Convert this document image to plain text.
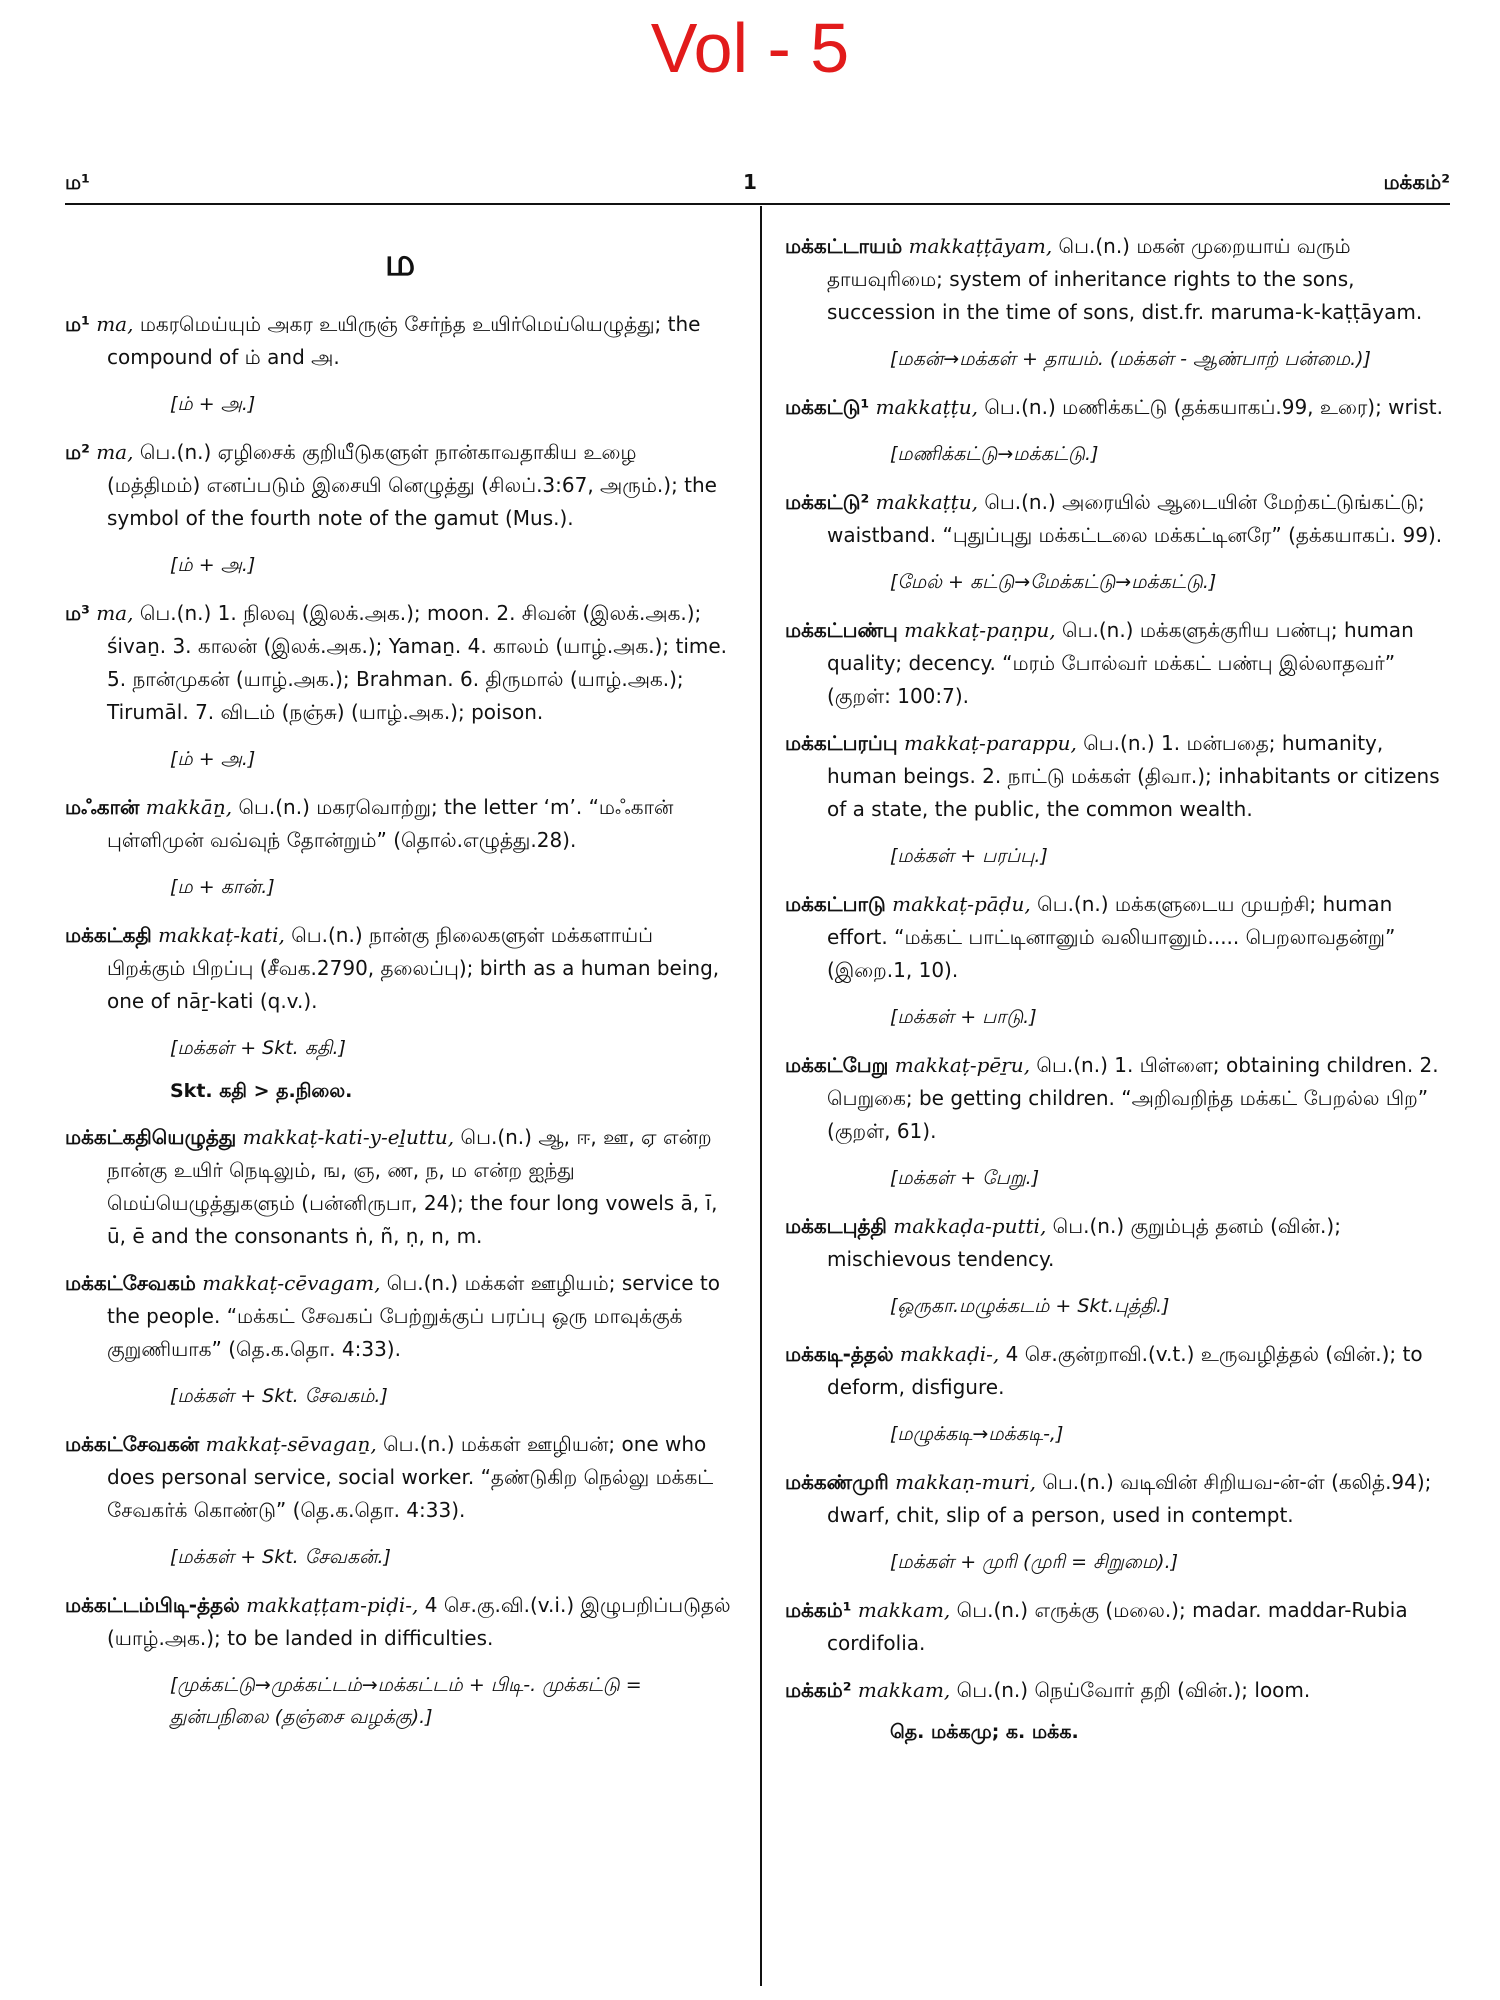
Vol - 5
ம¹	1	மக்கம்²
ம
ம¹ ma, மகரமெய்யும் அகர உயிருஞ் சேர்ந்த உயிர்மெய்யெழுத்து; the compound of ம் and அ.
[ம் + அ.]
ம² ma, பெ.(n.) ஏழிசைக் குறியீடுகளுள் நான்காவதாகிய உழை (மத்திமம்) எனப்படும் இசையி னெழுத்து (சிலப்.3:67, அரும்.); the symbol of the fourth note of the gamut (Mus.).
[ம் + அ.]
ம³ ma, பெ.(n.) 1. நிலவு (இலக்.அக.); moon. 2. சிவன் (இலக்.அக.); śivaṉ. 3. காலன் (இலக்.அக.); Yamaṉ. 4. காலம் (யாழ்.அக.); time. 5. நான்முகன் (யாழ்.அக.); Brahman. 6. திருமால் (யாழ்.அக.); Tirumāl. 7. விடம் (நஞ்சு) (யாழ்.அக.); poison.
[ம் + அ.]
மஃகான் makkāṉ, பெ.(n.) மகரவொற்று; the letter ‘m’. “மஃகான் புள்ளிமுன் வவ்வுந் தோன்றும்” (தொல்.எழுத்து.28).
[ம + கான்.]
மக்கட்கதி makkaṭ-kati, பெ.(n.) நான்கு நிலைகளுள் மக்களாய்ப் பிறக்கும் பிறப்பு (சீவக.2790, தலைப்பு); birth as a human being, one of nāṟ-kati (q.v.).
[மக்கள் + Skt. கதி.]
Skt. கதி > த.நிலை.
மக்கட்கதியெழுத்து makkaṭ-kati-y-eḻuttu, பெ.(n.) ஆ, ஈ, ஊ, ஏ என்ற நான்கு உயிர் நெடிலும், ங, ஞ, ண, ந, ம என்ற ஐந்து மெய்யெழுத்துகளும் (பன்னிருபா, 24); the four long vowels ā, ī, ū, ē and the consonants ṅ, ñ, ṇ, n, m.
மக்கட்சேவகம் makkaṭ-cēvagam, பெ.(n.) மக்கள் ஊழியம்; service to the people. “மக்கட் சேவகப் பேற்றுக்குப் பரப்பு ஒரு மாவுக்குக் குறுணியாக” (தெ.க.தொ. 4:33).
[மக்கள் + Skt. சேவகம்.]
மக்கட்சேவகன் makkaṭ-sēvagaṉ, பெ.(n.) மக்கள் ஊழியன்; one who does personal service, social worker. “தண்டுகிற நெல்லு மக்கட் சேவகர்க் கொண்டு” (தெ.க.தொ. 4:33).
[மக்கள் + Skt. சேவகன்.]
மக்கட்டம்பிடி-த்தல் makkaṭṭam-piḍi-, 4 செ.கு.வி.(v.i.) இழுபறிப்படுதல் (யாழ்.அக.); to be landed in difficulties.
[முக்கட்டு→முக்கட்டம்→மக்கட்டம் + பிடி-. முக்கட்டு = துன்பநிலை (தஞ்சை வழக்கு).]
மக்கட்டாயம் makkaṭṭāyam, பெ.(n.) மகன் முறையாய் வரும் தாயவுரிமை; system of inheritance rights to the sons, succession in the time of sons, dist.fr. maruma-k-kaṭṭāyam.
[மகன்→மக்கள் + தாயம். (மக்கள் - ஆண்பாற் பன்மை.)]
மக்கட்டு¹ makkaṭṭu, பெ.(n.) மணிக்கட்டு (தக்கயாகப்.99, உரை); wrist.
[மணிக்கட்டு→மக்கட்டு.]
மக்கட்டு² makkaṭṭu, பெ.(n.) அரையில் ஆடையின் மேற்கட்டுங்கட்டு; waistband. “புதுப்புது மக்கட்டலை மக்கட்டினரே” (தக்கயாகப். 99).
[மேல் + கட்டு→மேக்கட்டு→மக்கட்டு.]
மக்கட்பண்பு makkaṭ-paṇpu, பெ.(n.) மக்களுக்குரிய பண்பு; human quality; decency. “மரம் போல்வர் மக்கட் பண்பு இல்லாதவர்” (குறள்: 100:7).
மக்கட்பரப்பு makkaṭ-parappu, பெ.(n.) 1. மன்பதை; humanity, human beings. 2. நாட்டு மக்கள் (திவா.); inhabitants or citizens of a state, the public, the common wealth.
[மக்கள் + பரப்பு.]
மக்கட்பாடு makkaṭ-pāḍu, பெ.(n.) மக்களுடைய முயற்சி; human effort. “மக்கட் பாட்டினானும் வலியானும்..... பெறலாவதன்று” (இறை.1, 10).
[மக்கள் + பாடு.]
மக்கட்பேறு makkaṭ-pēṟu, பெ.(n.) 1. பிள்ளை; obtaining children. 2. பெறுகை; be getting children. “அறிவறிந்த மக்கட் பேறல்ல பிற” (குறள், 61).
[மக்கள் + பேறு.]
மக்கடபுத்தி makkaḍa-putti, பெ.(n.) குறும்புத் தனம் (வின்.); mischievous tendency.
[ஒருகா.மழுக்கடம் + Skt.புத்தி.]
மக்கடி-த்தல் makkaḍi-, 4 செ.குன்றாவி.(v.t.) உருவழித்தல் (வின்.); to deform, disfigure.
[மழுக்கடி→மக்கடி-,]
மக்கண்முரி makkaṇ-muri, பெ.(n.) வடிவின் சிறியவ-ன்-ள் (கலித்.94); dwarf, chit, slip of a person, used in contempt.
[மக்கள் + முரி (முரி = சிறுமை).]
மக்கம்¹ makkam, பெ.(n.) எருக்கு (மலை.); madar. maddar-Rubia cordifolia.
மக்கம்² makkam, பெ.(n.) நெய்வோர் தறி (வின்.); loom.
தெ. மக்கமு; க. மக்க.
